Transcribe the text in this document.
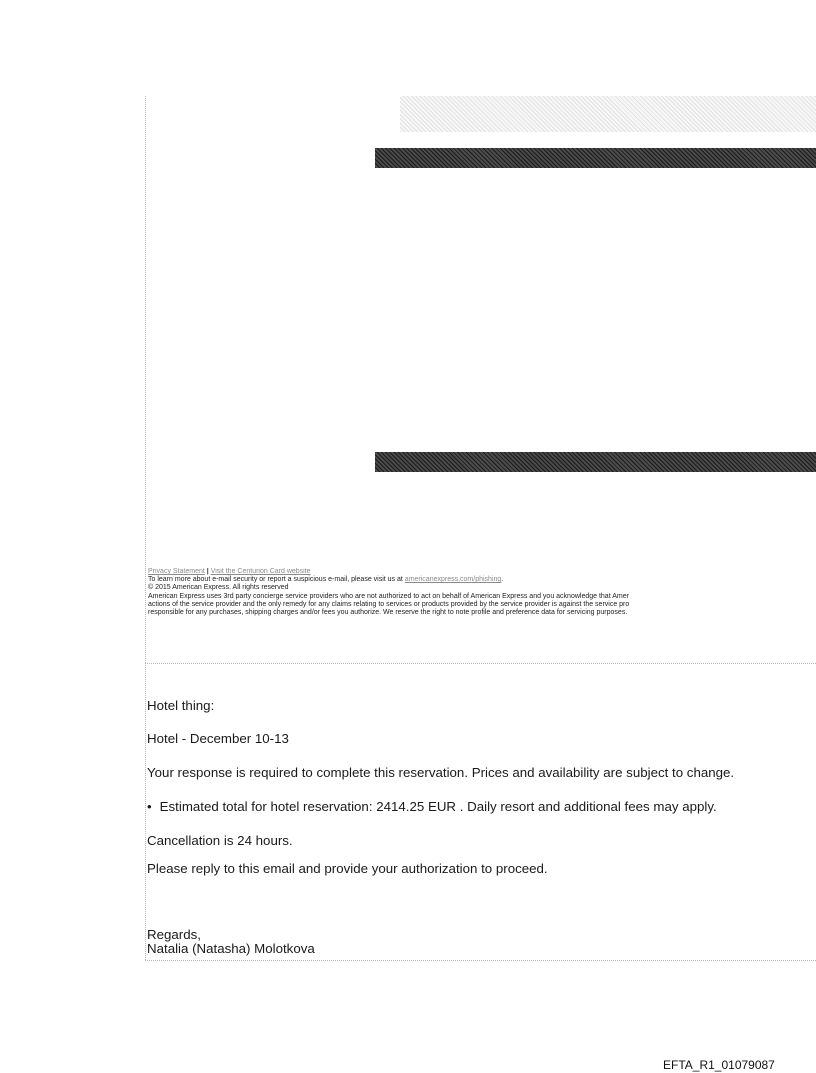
Privacy Statement | Visit the Centurion Card website
To learn more about e-mail security or report a suspicious e-mail, please visit us at americanexpress.com/phishing.
© 2015 American Express. All rights reserved
American Express uses 3rd party concierge service providers who are not authorized to act on behalf of American Express and you acknowledge that Amer
actions of the service provider and the only remedy for any claims relating to services or products provided by the service provider is against the service pro
responsible for any purchases, shipping charges and/or fees you authorize. We reserve the right to note profile and preference data for servicing purposes.

Hotel thing:

Hotel - December 10-13

Your response is required to complete this reservation. Prices and availability are subject to change.

• Estimated total for hotel reservation: 2414.25 EUR . Daily resort and additional fees may apply.

Cancellation is 24 hours.

Please reply to this email and provide your authorization to proceed.

Regards,

Natalia (Natasha) Molotkova

EFTA_R1_01079087
